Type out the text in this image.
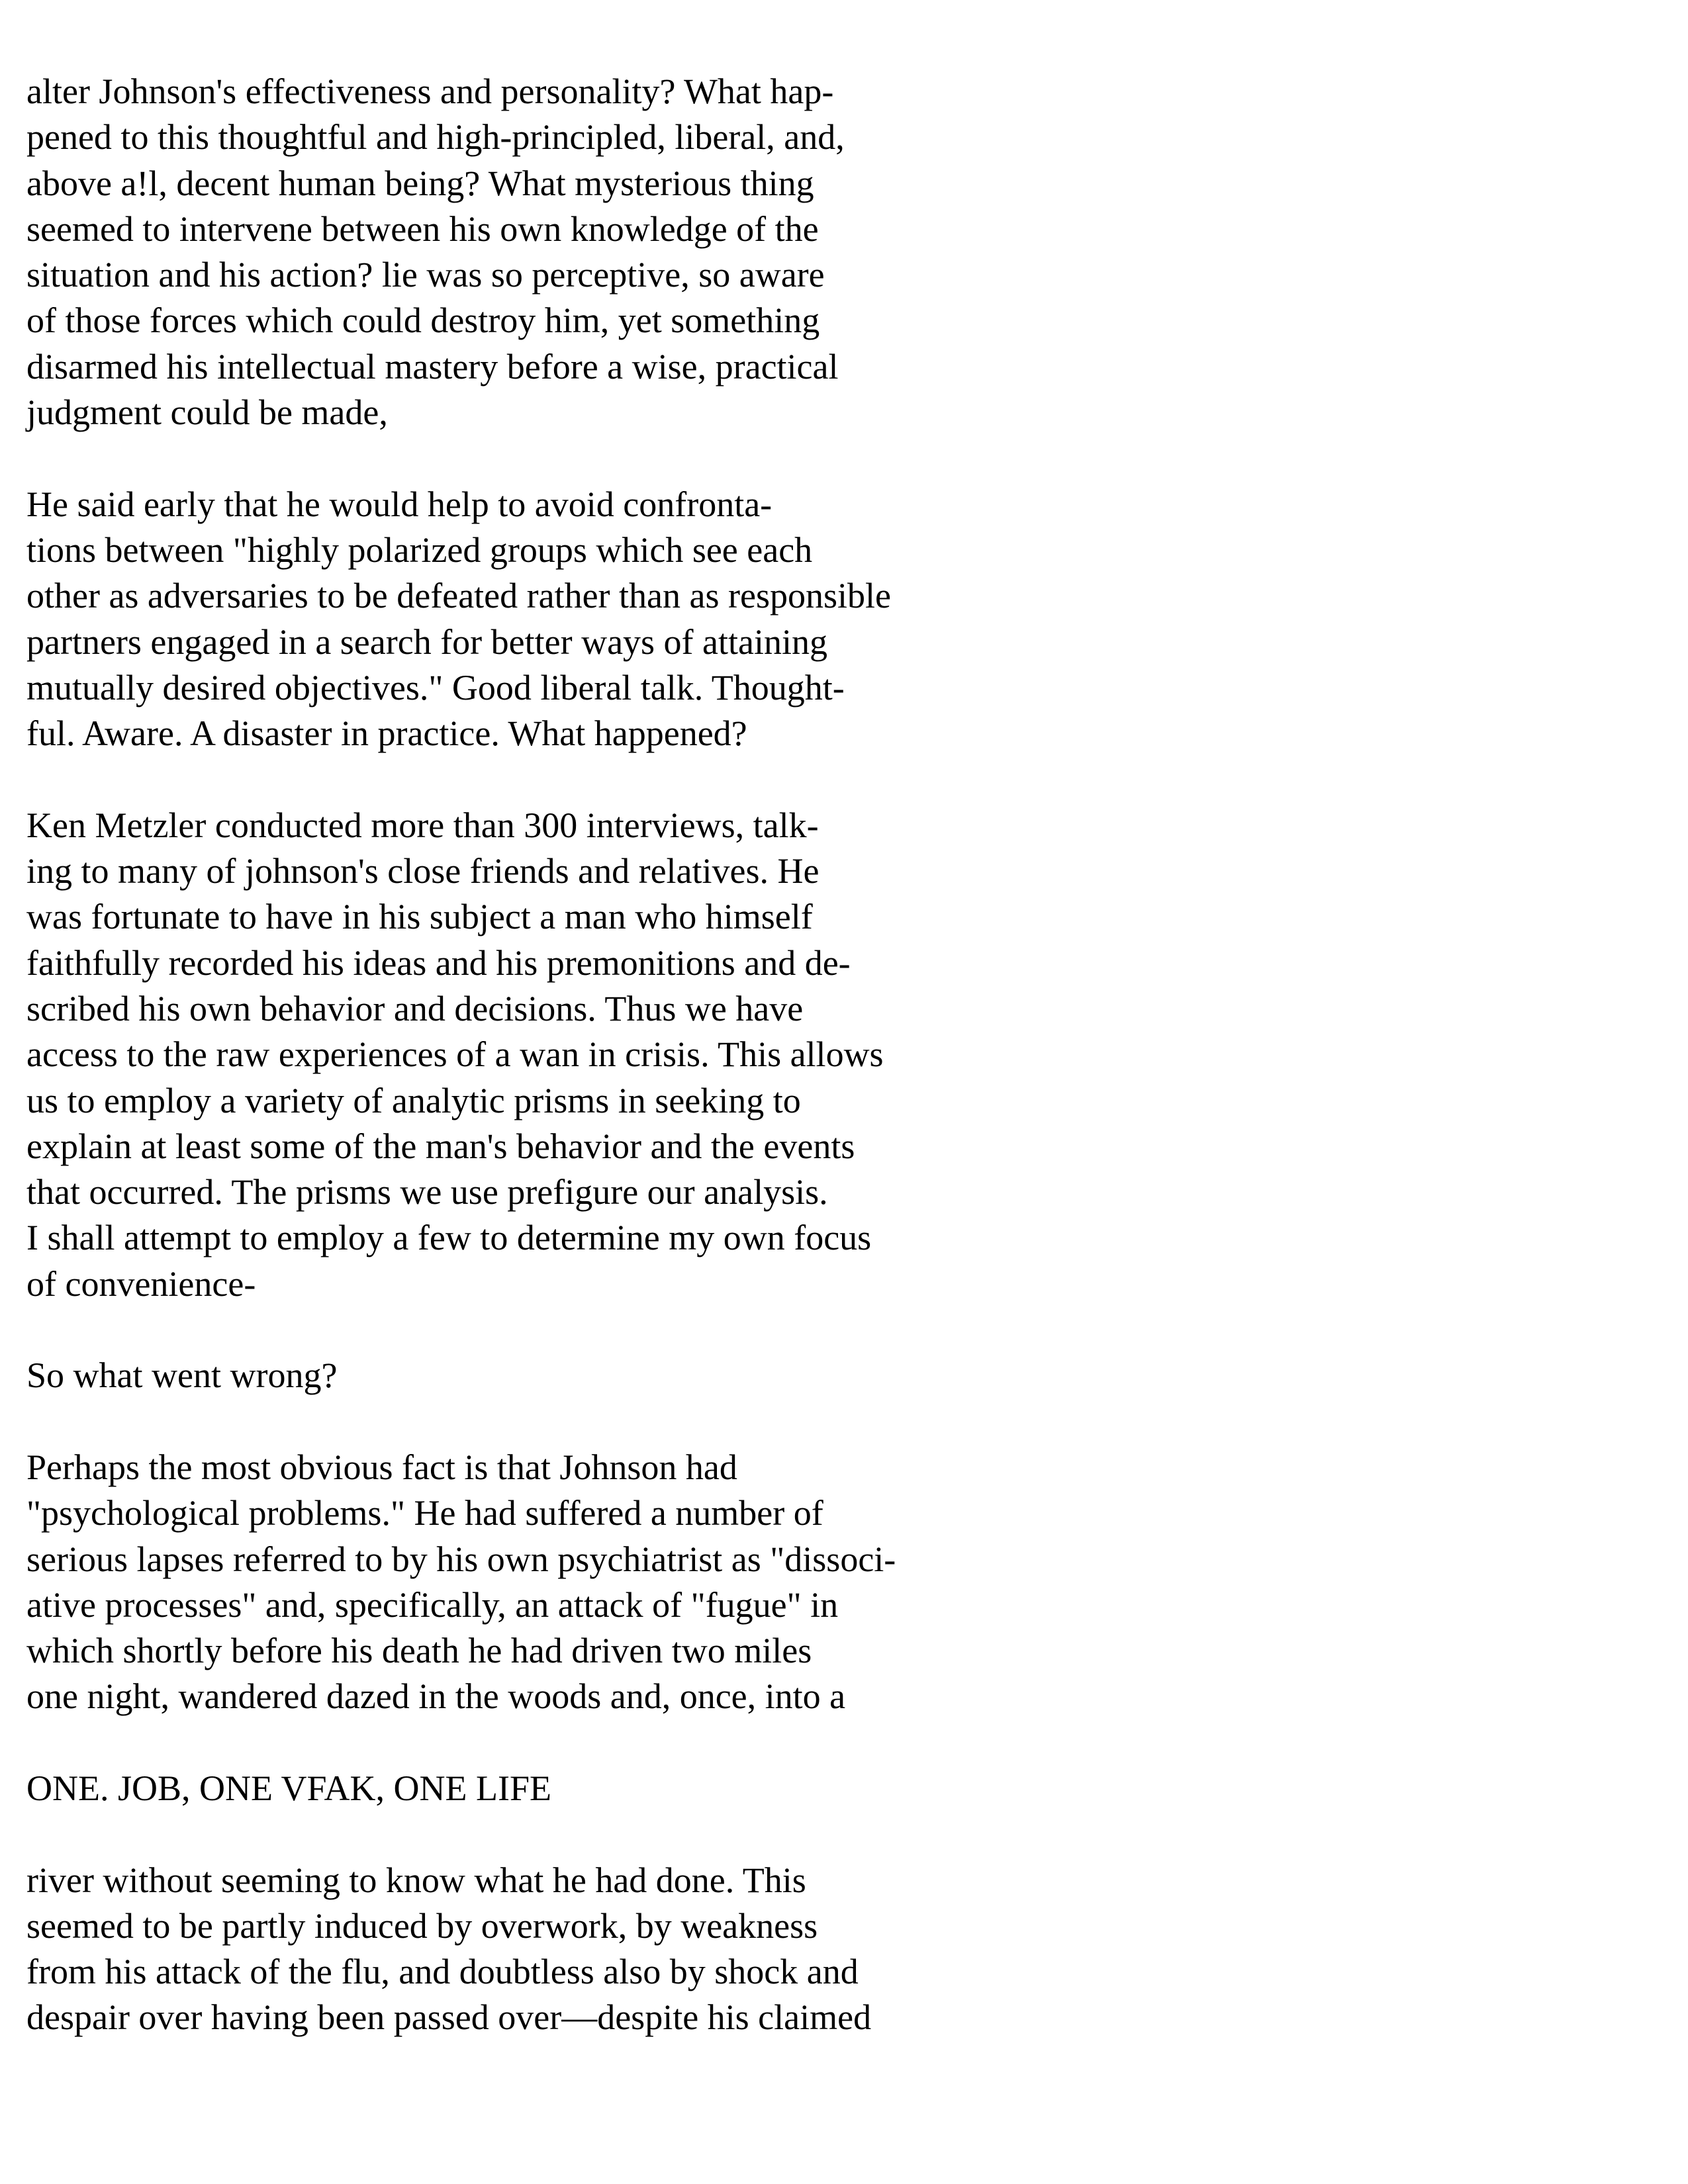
alter Johnson's effectiveness and personality? What hap-
pened to this thoughtful and high-principled, liberal, and,
above a!l, decent human being? What mysterious thing
seemed to intervene between his own knowledge of the
situation and his action? lie was so perceptive, so aware
of those forces which could destroy him, yet something
disarmed his intellectual mastery before a wise, practical
judgment could be made,
He said early that he would help to avoid confronta-
tions between "highly polarized groups which see each
other as adversaries to be defeated rather than as responsible
partners engaged in a search for better ways of attaining
mutually desired objectives." Good liberal talk. Thought-
ful. Aware. A disaster in practice. What happened?
Ken Metzler conducted more than 300 interviews, talk-
ing to many of johnson's close friends and relatives. He
was fortunate to have in his subject a man who himself
faithfully recorded his ideas and his premonitions and de-
scribed his own behavior and decisions. Thus we have
access to the raw experiences of a wan in crisis. This allows
us to employ a variety of analytic prisms in seeking to
explain at least some of the man's behavior and the events
that occurred. The prisms we use prefigure our analysis.
I shall attempt to employ a few to determine my own focus
of convenience-
So what went wrong?
Perhaps the most obvious fact is that Johnson had
"psychological problems." He had suffered a number of
serious lapses referred to by his own psychiatrist as "dissoci-
ative processes" and, specifically, an attack of "fugue" in
which shortly before his death he had driven two miles
one night, wandered dazed in the woods and, once, into a
ONE. JOB, ONE VFAK, ONE LIFE
river without seeming to know what he had done. This
seemed to be partly induced by overwork, by weakness
from his attack of the flu, and doubtless also by shock and
despair over having been passed over—despite his claimed
